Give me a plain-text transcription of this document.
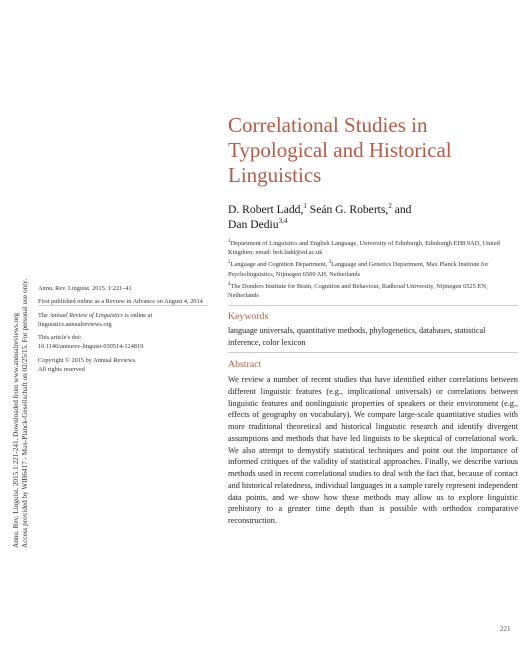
Annu. Rev. Linguist. 2015.1:221-241. Downloaded from www.annualreviews.org Access provided by WIB6417 - Max-Planck-Gesellschaft on 02/25/15. For personal use only.
Correlational Studies in Typological and Historical Linguistics

D. Robert Ladd,$^1$ Seán G. Roberts,$^2$ and
Dan Dediu$^{3,4}$

$^1$Department of Linguistics and English Language, University of Edinburgh, Edinburgh EH8 9AD, United Kingdom; email: bob.ladd@ed.ac.uk

$^2$Language and Cognition Department, $^3$Language and Genetics Department, Max Planck Institute for Psycholinguistics, Nijmegen 6500 AH, Netherlands

$^4$The Donders Institute for Brain, Cognition and Behaviour, Radboud University, Nijmegen 6525 EN, Netherlands

Annu. Rev. Linguist. 2015. 1:221–41

First published online as a Review in Advance on August 4, 2014

The Annual Review of Linguistics is online at linguistics.annualreviews.org

This article's doi:
10.1146/annurev-linguist-030514-124819

Copyright © 2015 by Annual Reviews.
All rights reserved

Keywords
language universals, quantitative methods, phylogenetics, databases, statistical inference, color lexicon
Abstract

We review a number of recent studies that have identified either correlations between different linguistic features (e.g., implicational universals) or correlations between linguistic features and nonlinguistic properties of speakers or their environment (e.g., effects of geography on vocabulary). We compare large-scale quantitative studies with more traditional theoretical and historical linguistic research and identify divergent assumptions and methods that have led linguists to be skeptical of correlational work. We also attempt to demystify statistical techniques and point out the importance of informed critiques of the validity of statistical approaches. Finally, we describe various methods used in recent correlational studies to deal with the fact that, because of contact and historical relatedness, individual languages in a sample rarely represent independent data points, and we show how these methods may allow us to explore linguistic prehistory to a greater time depth than is possible with orthodox comparative reconstruction.

221
